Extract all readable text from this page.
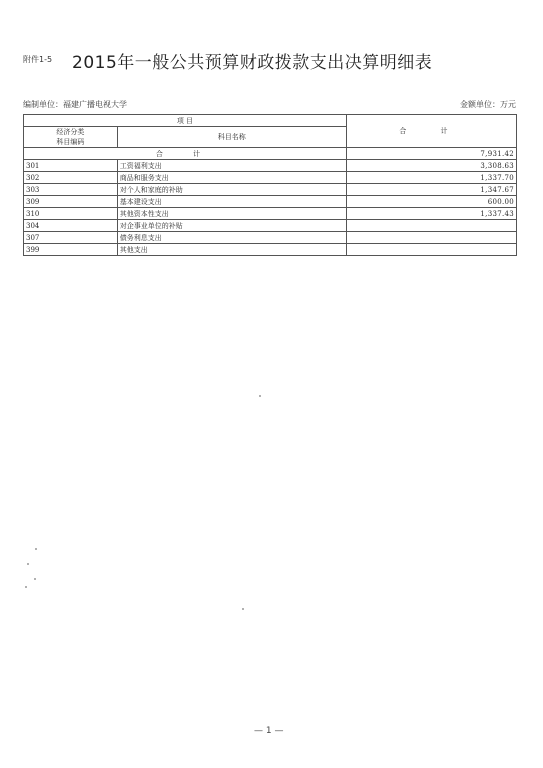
附件1-5 2015年一般公共预算财政拨款支出决算明细表
编制单位：福建广播电视大学	金额单位：万元
项 目		合 计
经济分类
科目编码	科目名称	
合 计		7,931.42
301	工资福利支出	3,308.63
302	商品和服务支出	1,337.70
303	对个人和家庭的补助	1,347.67
309	基本建设支出	600.00
310	其他资本性支出	1,337.43
304	对企事业单位的补贴	
307	债务利息支出	
399	其他支出	
— 1 —
